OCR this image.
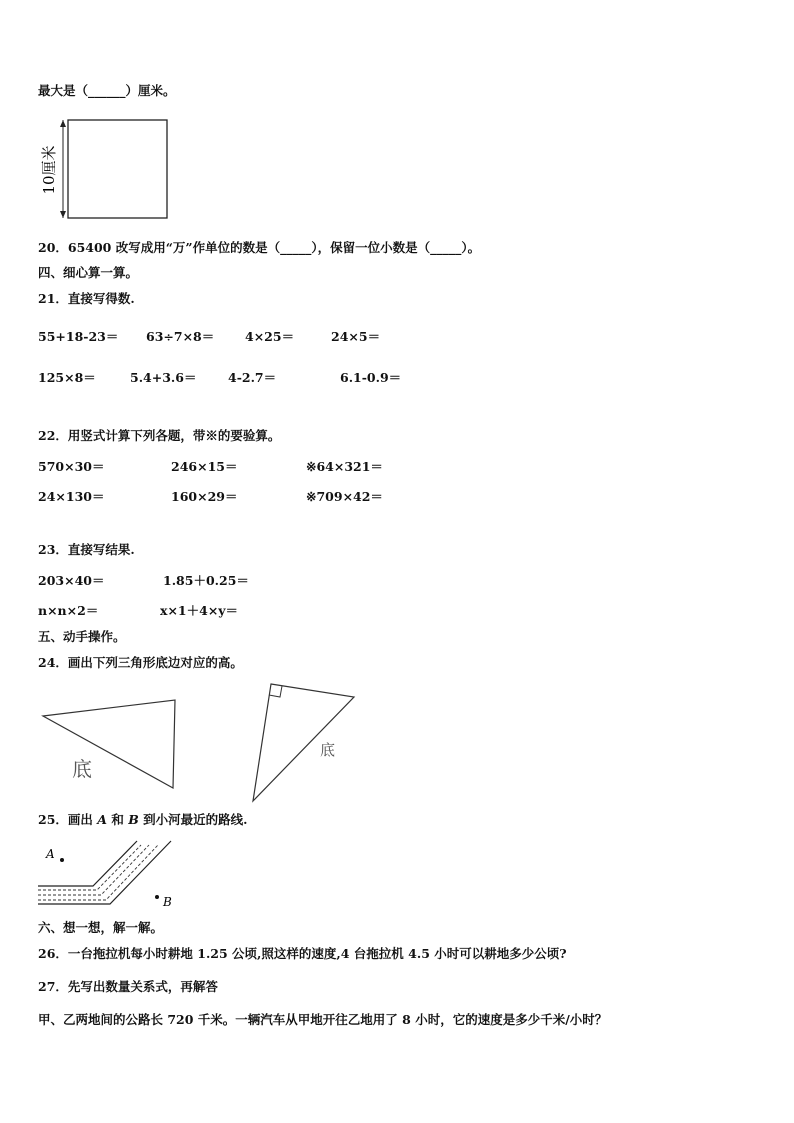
最大是（______）厘米。
10厘米
20．65400 改写成用“万”作单位的数是（_____），保留一位小数是（_____）。
四、细心算一算。
21．直接写得数.
55+18-23＝ 63÷7×8＝ 4×25＝	24×5＝
125×8＝	5.4+3.6＝	4-2.7＝	6.1-0.9＝
22．用竖式计算下列各题，带※的要验算。
570×30＝	246×15＝	※64×321＝
24×130＝	160×29＝	※709×42＝
23．直接写结果.
203×40＝	1.85＋0.25＝
n×n×2＝	x×1＋4×y＝
五、动手操作。
24．画出下列三角形底边对应的高。
底
底
25．画出 A 和 B 到小河最近的路线.
A
B
六、想一想，解一解。
26．一台拖拉机每小时耕地 1.25 公顷,照这样的速度,4 台拖拉机 4.5 小时可以耕地多少公顷?
27．先写出数量关系式，再解答
甲、乙两地间的公路长 720 千米。一辆汽车从甲地开往乙地用了 8 小时，它的速度是多少千米/小时？
